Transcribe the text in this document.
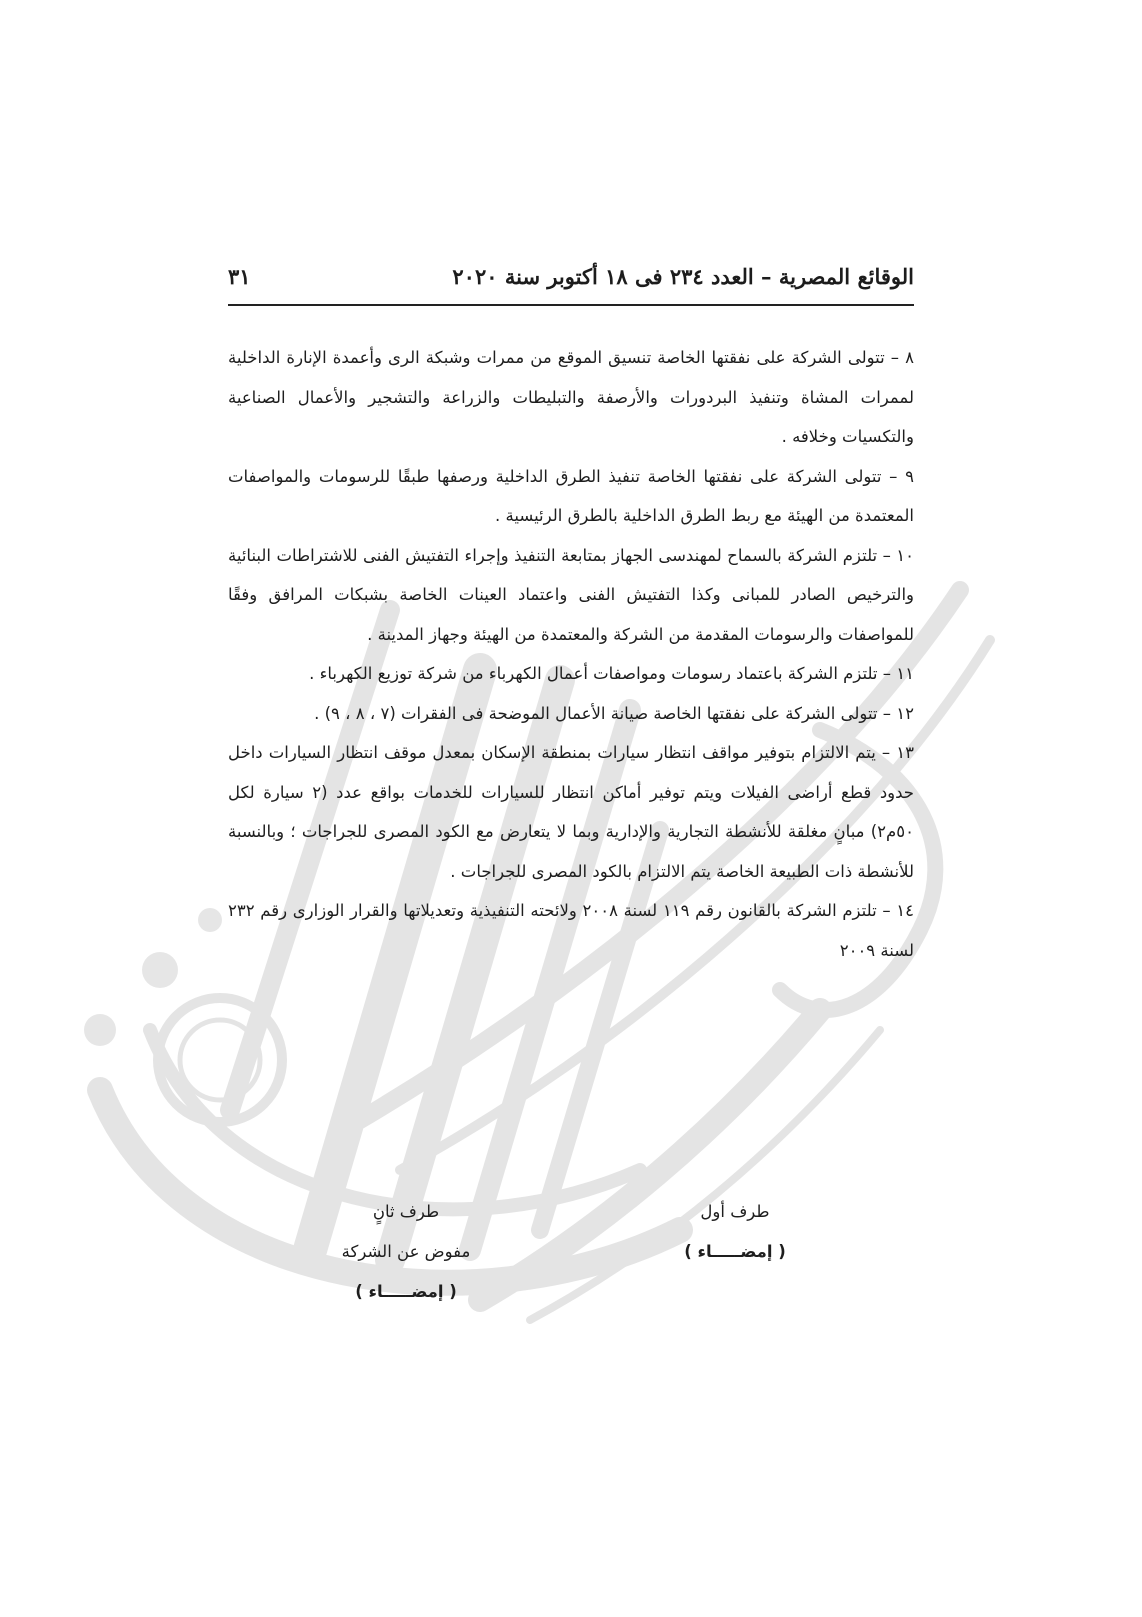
الوقائع المصرية – العدد ٢٣٤ فى ١٨ أكتوبر سنة ٢٠٢٠
٣١

٨ – تتولى الشركة على نفقتها الخاصة تنسيق الموقع من ممرات وشبكة الرى وأعمدة الإنارة الداخلية لممرات المشاة وتنفيذ البردورات والأرصفة والتبليطات والزراعة والتشجير والأعمال الصناعية والتكسيات وخلافه .

٩ – تتولى الشركة على نفقتها الخاصة تنفيذ الطرق الداخلية ورصفها طبقًا للرسومات والمواصفات المعتمدة من الهيئة مع ربط الطرق الداخلية بالطرق الرئيسية .

١٠ – تلتزم الشركة بالسماح لمهندسى الجهاز بمتابعة التنفيذ وإجراء التفتيش الفنى للاشتراطات البنائية والترخيص الصادر للمبانى وكذا التفتيش الفنى واعتماد العينات الخاصة بشبكات المرافق وفقًا للمواصفات والرسومات المقدمة من الشركة والمعتمدة من الهيئة وجهاز المدينة .

١١ – تلتزم الشركة باعتماد رسومات ومواصفات أعمال الكهرباء من شركة توزيع الكهرباء .

١٢ – تتولى الشركة على نفقتها الخاصة صيانة الأعمال الموضحة فى الفقرات (٧ ، ٨ ، ٩) .

١٣ – يتم الالتزام بتوفير مواقف انتظار سيارات بمنطقة الإسكان بمعدل موقف انتظار السيارات داخل حدود قطع أراضى الفيلات ويتم توفير أماكن انتظار للسيارات للخدمات بواقع عدد (٢ سيارة لكل ٥٠م٢) مبانٍ مغلقة للأنشطة التجارية والإدارية وبما لا يتعارض مع الكود المصرى للجراجات ؛ وبالنسبة للأنشطة ذات الطبيعة الخاصة يتم الالتزام بالكود المصرى للجراجات .

١٤ – تلتزم الشركة بالقانون رقم ١١٩ لسنة ٢٠٠٨ ولائحته التنفيذية وتعديلاتها والقرار الوزارى رقم ٢٣٢ لسنة ٢٠٠٩

طرف ثانٍ
مفوض عن الشركة
( إمضـــــاء )
طرف أول
( إمضـــــاء )
